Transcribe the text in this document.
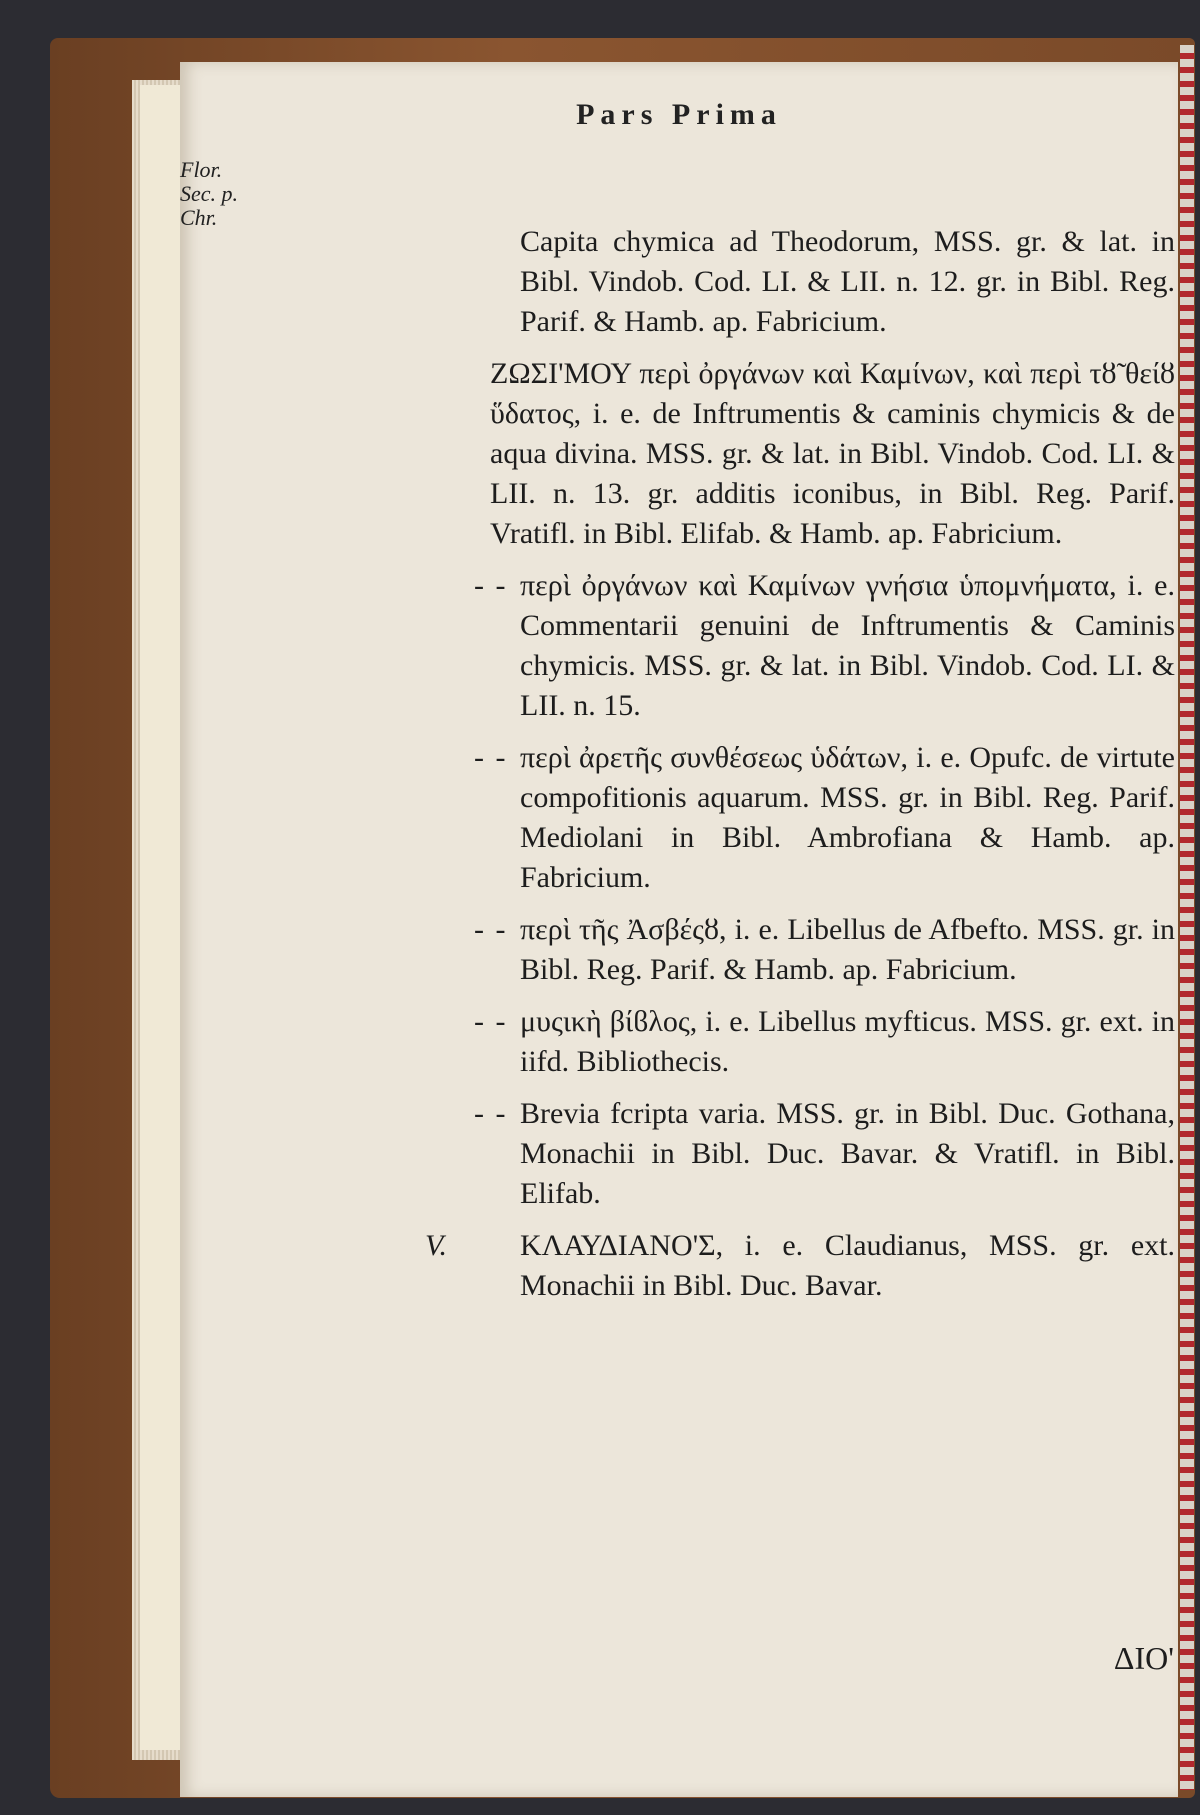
Pars Prima
Flor. Sec. p. Chr.

Capita chymica ad Theodorum, MSS. gr. & lat. in Bibl. Vindob. Cod. LI. & LII. n. 12. gr. in Bibl. Reg. Parif. & Hamb. ap. Fabricium.

ΖΩΣΙ'ΜΟΥ περὶ ὀργάνων καὶ Καμίνων, καὶ περὶ τȣ̃ θείȣ ὕδατος, i. e. de Inftrumentis & caminis chymicis & de aqua divina. MSS. gr. & lat. in Bibl. Vindob. Cod. LI. & LII. n. 13. gr. additis iconibus, in Bibl. Reg. Parif. Vratifl. in Bibl. Elifab. & Hamb. ap. Fabricium.

- - περὶ ὀργάνων καὶ Καμίνων γνήσια ὑπομνήματα, i. e. Commentarii genuini de Inftrumentis & Caminis chymicis. MSS. gr. & lat. in Bibl. Vindob. Cod. LI. & LII. n. 15.

- - περὶ ἀρετῆς συνθέσεως ὑδάτων, i. e. Opufc. de virtute compofitionis aquarum. MSS. gr. in Bibl. Reg. Parif. Mediolani in Bibl. Ambrofiana & Hamb. ap. Fabricium.

- - περὶ τῆς Ἀσβέςȣ, i. e. Libellus de Afbefto. MSS. gr. in Bibl. Reg. Parif. & Hamb. ap. Fabricium.

- - μυςικὴ βίϐλος, i. e. Libellus myfticus. MSS. gr. ext. in iifd. Bibliothecis.

- - Brevia fcripta varia. MSS. gr. in Bibl. Duc. Gothana, Monachii in Bibl. Duc. Bavar. & Vratifl. in Bibl. Elifab.

V. ΚΛΑΥΔΙΑΝΟ'Σ, i. e. Claudianus, MSS. gr. ext. Monachii in Bibl. Duc. Bavar.

ΔΙΟ'
